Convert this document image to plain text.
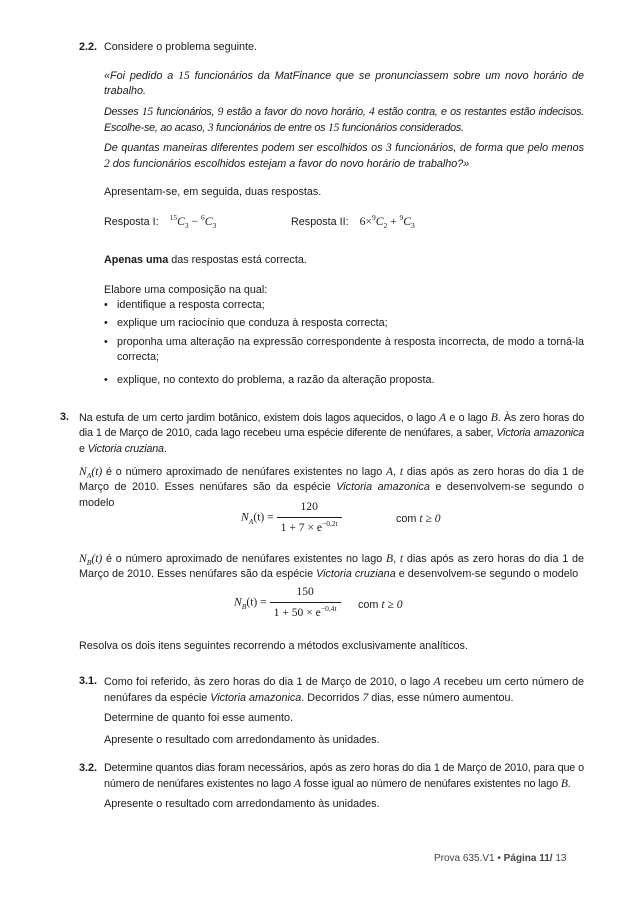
2.2. Considere o problema seguinte.

«Foi pedido a 15 funcionários da MatFinance que se pronunciassem sobre um novo horário de trabalho.

Desses 15 funcionários, 9 estão a favor do novo horário, 4 estão contra, e os restantes estão indecisos. Escolhe-se, ao acaso, 3 funcionários de entre os 15 funcionários considerados.

De quantas maneiras diferentes podem ser escolhidos os 3 funcionários, de forma que pelo menos 2 dos funcionários escolhidos estejam a favor do novo horário de trabalho?»

Apresentam-se, em seguida, duas respostas.

Resposta I: $^{15}C_3 - ^6C_3$	Resposta II: $6\times^9C_2 + ^9C_3$

Apenas uma das respostas está correcta.

Elabore uma composição na qual:

• identifique a resposta correcta;
• explique um raciocínio que conduza à resposta correcta;
• proponha uma alteração na expressão correspondente à resposta incorrecta, de modo a torná-la correcta;
• explique, no contexto do problema, a razão da alteração proposta.
3. Na estufa de um certo jardim botânico, existem dois lagos aquecidos, o lago A e o lago B. Às zero horas do dia 1 de Março de 2010, cada lago recebeu uma espécie diferente de nenúfares, a saber, Victoria amazonica e Victoria cruziana.

$N_A(t)$ é o número aproximado de nenúfares existentes no lago A, t dias após as zero horas do dia 1 de Março de 2010. Esses nenúfares são da espécie Victoria amazonica e desenvolvem-se segundo o modelo

$N_A(t) = \frac{120}{1 + 7 \times e^{-0,2t}}$	com t ≥ 0

$N_B(t)$ é o número aproximado de nenúfares existentes no lago B, t dias após as zero horas do dia 1 de Março de 2010. Esses nenúfares são da espécie Victoria cruziana e desenvolvem-se segundo o modelo

$N_B(t) = \frac{150}{1 + 50 \times e^{-0,4t}}$ com t ≥ 0

Resolva os dois itens seguintes recorrendo a métodos exclusivamente analíticos.

3.1. Como foi referido, às zero horas do dia 1 de Março de 2010, o lago A recebeu um certo número de nenúfares da espécie Victoria amazonica. Decorridos 7 dias, esse número aumentou.

Determine de quanto foi esse aumento.

Apresente o resultado com arredondamento às unidades.

3.2. Determine quantos dias foram necessários, após as zero horas do dia 1 de Março de 2010, para que o número de nenúfares existentes no lago A fosse igual ao número de nenúfares existentes no lago B.

Apresente o resultado com arredondamento às unidades.

Prova 635.V1 • Página 11/ 13
